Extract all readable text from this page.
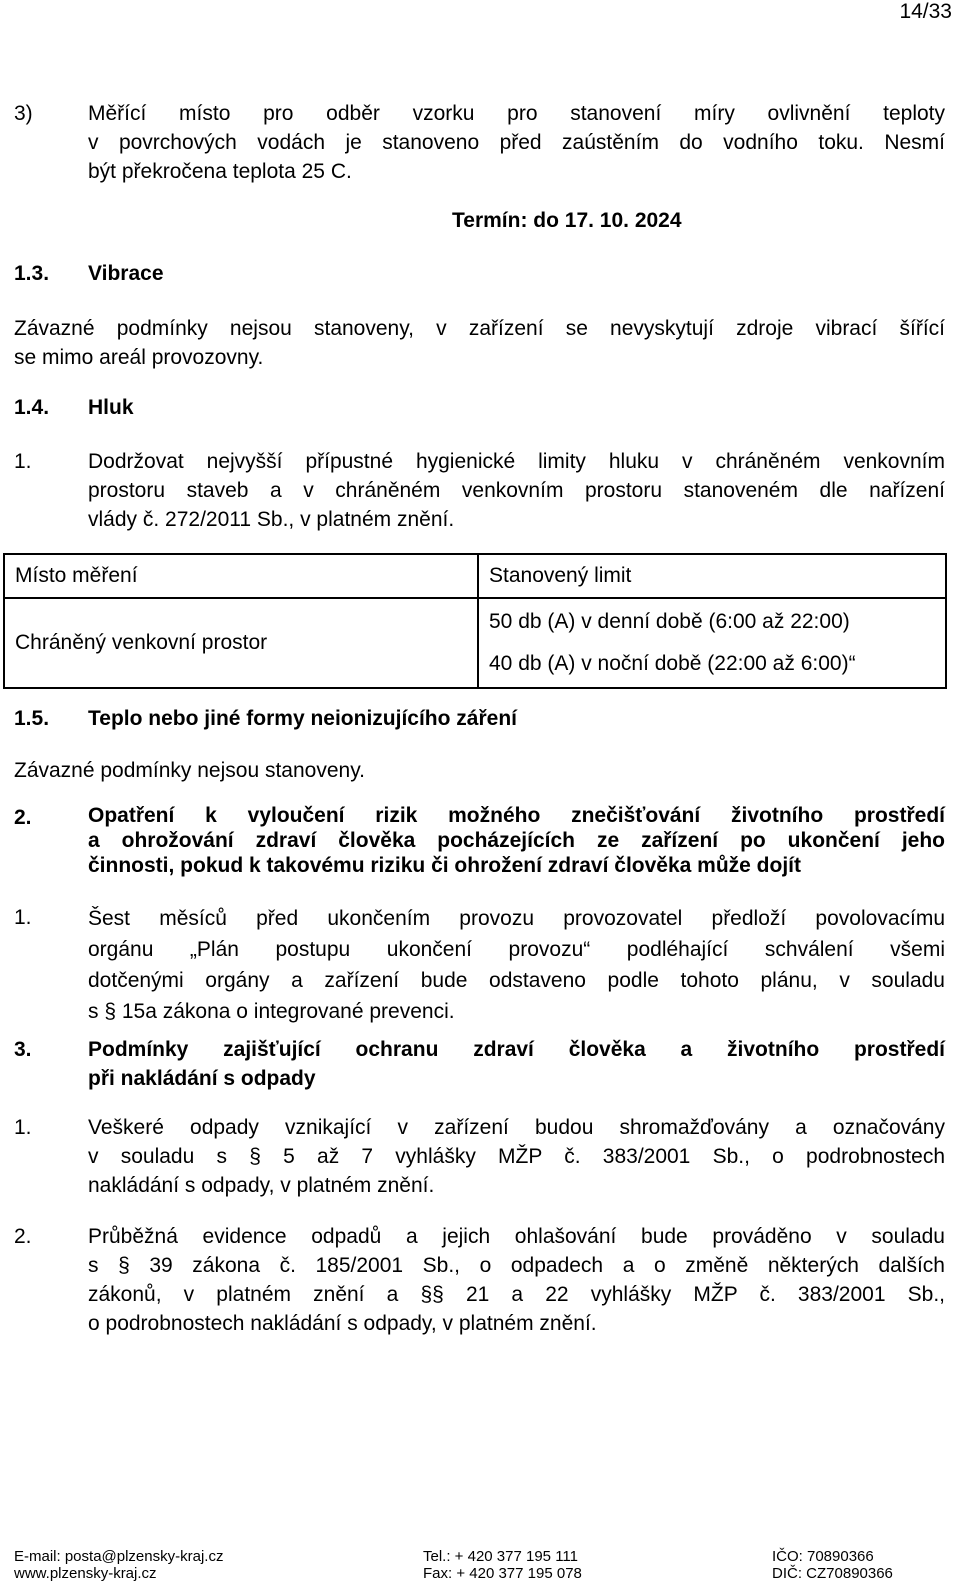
14/33
3)	Měřící místo pro odběr vzorku pro stanovení míry ovlivnění teploty
v povrchových vodách je stanoveno před zaústěním do vodního toku. Nesmí
být překročena teplota 25 C.
Termín: do 17. 10. 2024
1.3. Vibrace
Závazné podmínky nejsou stanoveny, v zařízení se nevyskytují zdroje vibrací šířící
se mimo areál provozovny.
1.4. Hluk
1.	Dodržovat nejvyšší přípustné hygienické limity hluku v chráněném venkovním
prostoru staveb a v chráněném venkovním prostoru stanoveném dle nařízení
vlády č. 272/2011 Sb., v platném znění.
Místo měření	Stanovený limit
Chráněný venkovní prostor	50 db (A) v denní době (6:00 až 22:00)
40 db (A) v noční době (22:00 až 6:00)“
1.5. Teplo nebo jiné formy neionizujícího záření
Závazné podmínky nejsou stanoveny.
2.	Opatření k vyloučení rizik možného znečišťování životního prostředí
a ohrožování zdraví člověka pocházejících ze zařízení po ukončení jeho
činnosti, pokud k takovému riziku či ohrožení zdraví člověka může dojít
1.	Šest měsíců před ukončením provozu provozovatel předloží povolovacímu
orgánu „Plán postupu ukončení provozu“ podléhající schválení všemi
dotčenými orgány a zařízení bude odstaveno podle tohoto plánu, v souladu
s § 15a zákona o integrované prevenci.
3.	Podmínky zajišťující ochranu zdraví člověka a životního prostředí
při nakládání s odpady
1.	Veškeré odpady vznikající v zařízení budou shromažďovány a označovány
v souladu s § 5 až 7 vyhlášky MŽP č. 383/2001 Sb., o podrobnostech
nakládání s odpady, v platném znění.
2.	Průběžná evidence odpadů a jejich ohlašování bude prováděno v souladu
s § 39 zákona č. 185/2001 Sb., o odpadech a o změně některých dalších
zákonů, v platném znění a §§ 21 a 22 vyhlášky MŽP č. 383/2001 Sb.,
o podrobnostech nakládání s odpady, v platném znění.
E-mail: posta@plzensky-kraj.cz
www.plzensky-kraj.cz
Tel.: + 420 377 195 111
Fax: + 420 377 195 078
IČO: 70890366
DIČ: CZ70890366
